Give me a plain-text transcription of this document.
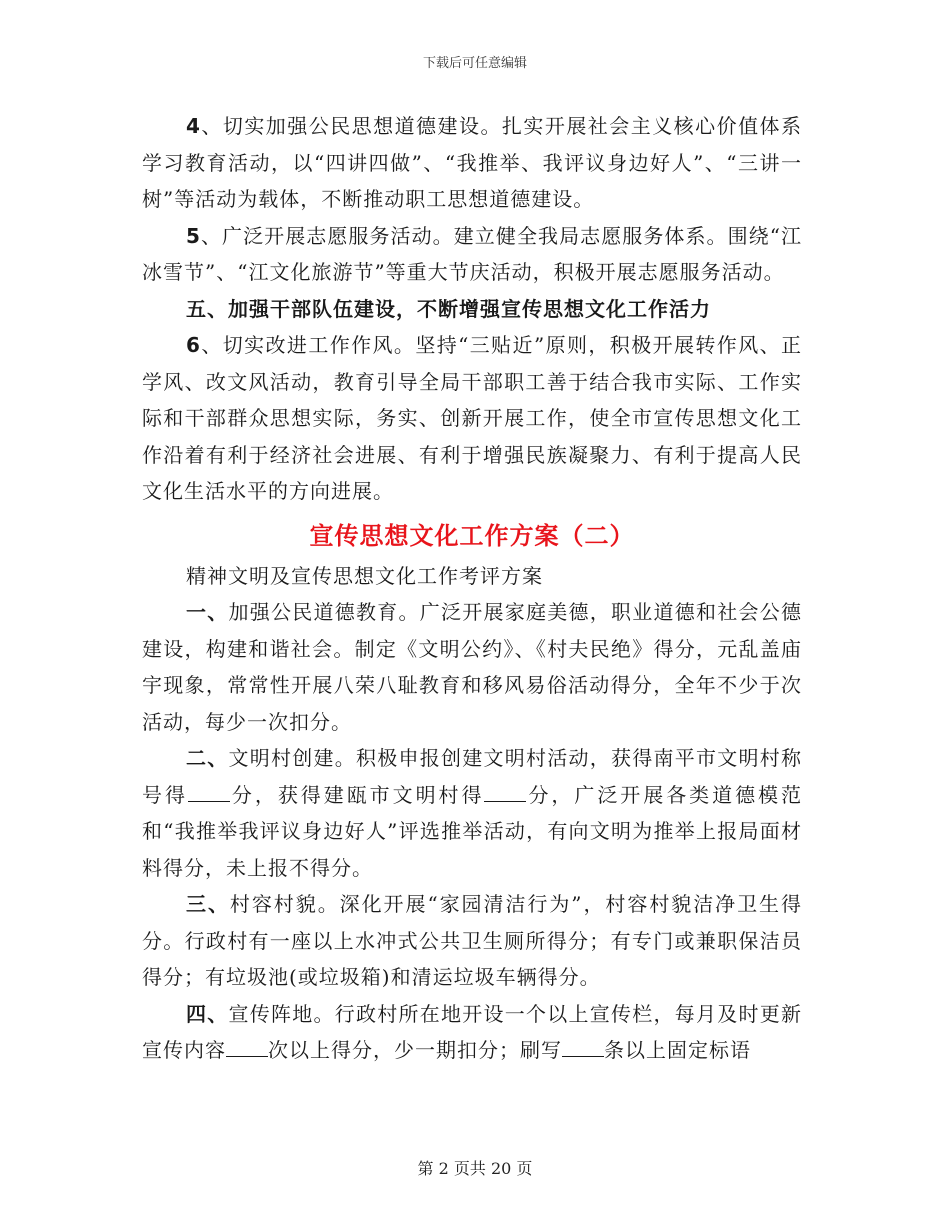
下载后可任意编辑

4、切实加强公民思想道德建设。扎实开展社会主义核心价值体系学习教育活动，以“四讲四做”、“我推举、我评议身边好人”、“三讲一树”等活动为载体，不断推动职工思想道德建设。

5、广泛开展志愿服务活动。建立健全我局志愿服务体系。围绕“江冰雪节”、“江文化旅游节”等重大节庆活动，积极开展志愿服务活动。

五、加强干部队伍建设，不断增强宣传思想文化工作活力

6、切实改进工作作风。坚持“三贴近”原则，积极开展转作风、正学风、改文风活动，教育引导全局干部职工善于结合我市实际、工作实际和干部群众思想实际，务实、创新开展工作，使全市宣传思想文化工作沿着有利于经济社会进展、有利于增强民族凝聚力、有利于提高人民文化生活水平的方向进展。

宣传思想文化工作方案（二）

精神文明及宣传思想文化工作考评方案

一、加强公民道德教育。广泛开展家庭美德，职业道德和社会公德建设，构建和谐社会。制定《文明公约》、《村夫民绝》得分，元乱盖庙宇现象，常常性开展八荣八耻教育和移风易俗活动得分，全年不少于次活动，每少一次扣分。

二、文明村创建。积极申报创建文明村活动，获得南平市文明村称号得 分，获得建瓯市文明村得 分，广泛开展各类道德模范和“我推举我评议身边好人”评选推举活动，有向文明为推举上报局面材料得分，未上报不得分。

三、村容村貌。深化开展“家园清洁行为”，村容村貌洁净卫生得分。行政村有一座以上水冲式公共卫生厕所得分；有专门或兼职保洁员得分；有垃圾池(或垃圾箱)和清运垃圾车辆得分。

四、宣传阵地。行政村所在地开设一个以上宣传栏，每月及时更新宣传内容 次以上得分，少一期扣分；刷写 条以上固定标语

第 2 页共 20 页
